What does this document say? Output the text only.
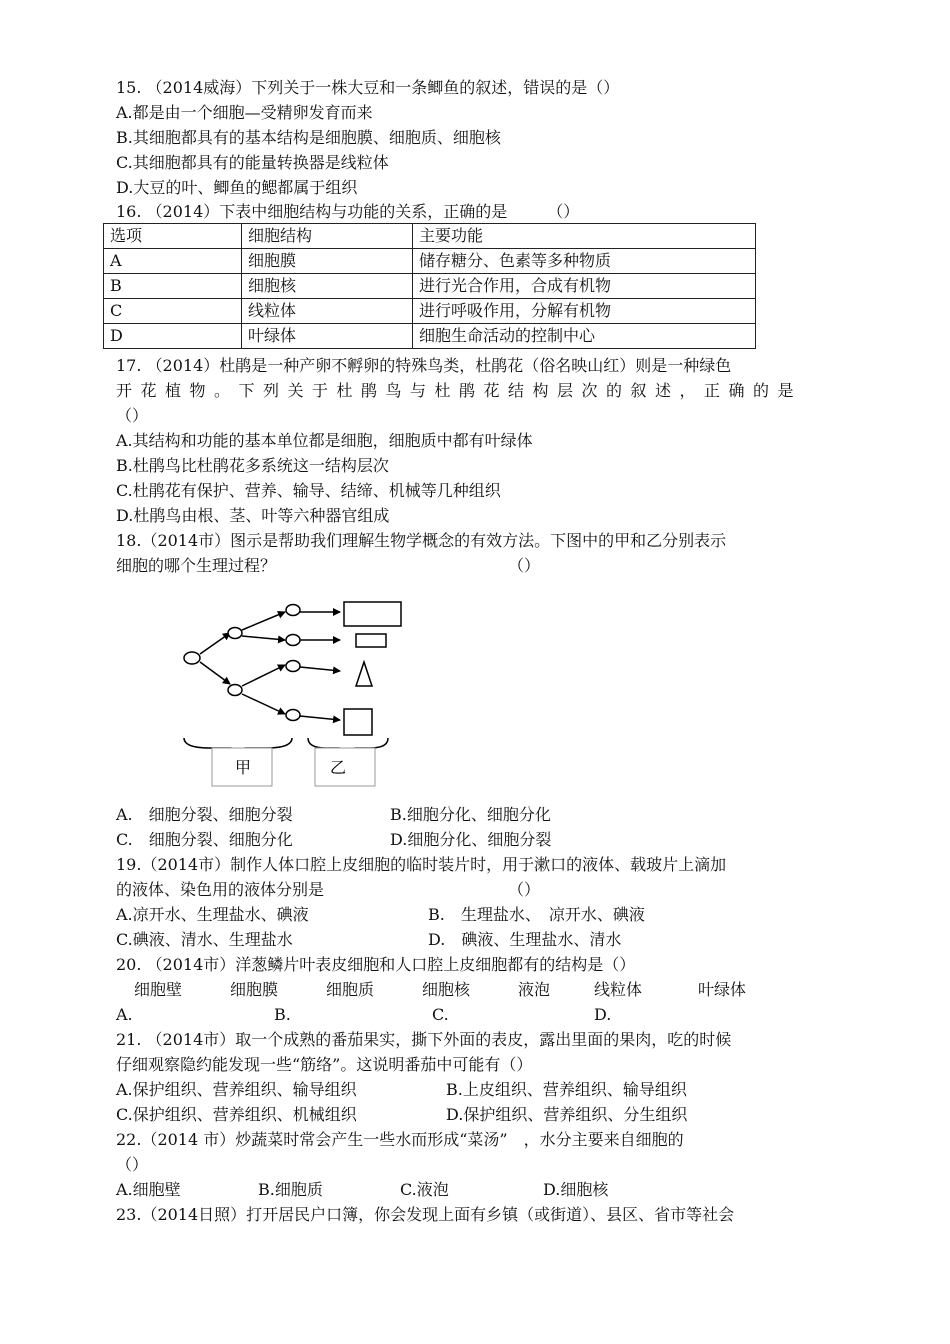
15. （2014威海）下列关于一株大豆和一条鲫鱼的叙述，错误的是（）
A.都是由一个细胞—受精卵发育而来
B.其细胞都具有的基本结构是细胞膜、细胞质、细胞核
C.其细胞都具有的能量转换器是线粒体
D.大豆的叶、鲫鱼的鳃都属于组织
16. （2014）下表中细胞结构与功能的关系，正确的是　　　（）
选项	细胞结构	主要功能
A	细胞膜	储存糖分、色素等多种物质
B	细胞核	进行光合作用，合成有机物
C	线粒体	进行呼吸作用，分解有机物
D	叶绿体	细胞生命活动的控制中心
17. （2014）杜鹃是一种产卵不孵卵的特殊鸟类，杜鹃花（俗名映山红）则是一种绿色
开花植物。下列关于杜鹃鸟与杜鹃花结构层次的叙述，正确的是
（）
A.其结构和功能的基本单位都是细胞，细胞质中都有叶绿体
B.杜鹃鸟比杜鹃花多系统这一结构层次
C.杜鹃花有保护、营养、输导、结缔、机械等几种组织
D.杜鹃鸟由根、茎、叶等六种器官组成
18.（2014市）图示是帮助我们理解生物学概念的有效方法。下图中的甲和乙分别表示
细胞的哪个生理过程？　　　　　　　　　　　　　　　（）
甲	乙
A.　细胞分裂、细胞分裂	B.细胞分化、细胞分化
C.　细胞分裂、细胞分化	D.细胞分化、细胞分裂
19.（2014市）制作人体口腔上皮细胞的临时装片时，用于漱口的液体、载玻片上滴加
的液体、染色用的液体分别是　　　　　　　　　　　　（）
A.凉开水、生理盐水、碘液	B.　生理盐水、　凉开水、碘液
C.碘液、清水、生理盐水	D.　碘液、生理盐水、清水
20. （2014市）洋葱鳞片叶表皮细胞和人口腔上皮细胞都有的结构是（）
细胞壁	细胞膜	细胞质	细胞核	液泡	线粒体	叶绿体
A.	B.	C.	D.
21. （2014市）取一个成熟的番茄果实，撕下外面的表皮，露出里面的果肉，吃的时候
仔细观察隐约能发现一些“筋络”。这说明番茄中可能有（）
A.保护组织、营养组织、输导组织	B.上皮组织、营养组织、输导组织
C.保护组织、营养组织、机械组织	D.保护组织、营养组织、分生组织
22.（2014 市）炒蔬菜时常会产生一些水而形成“菜汤”　，水分主要来自细胞的
（）
A.细胞壁	B.细胞质	C.液泡	D.细胞核
23.（2014日照）打开居民户口簿，你会发现上面有乡镇（或街道）、县区、省市等社会
